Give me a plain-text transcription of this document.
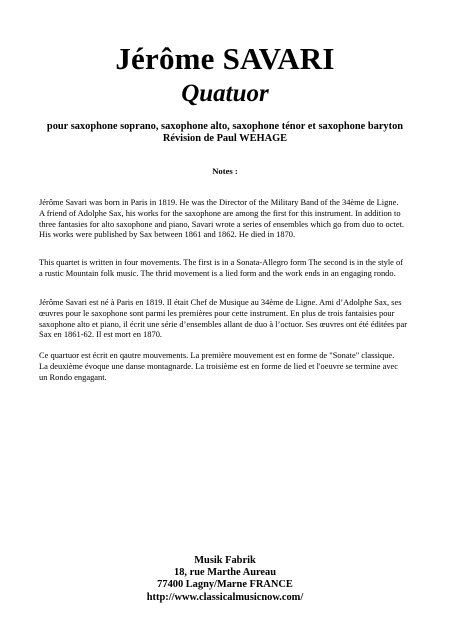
Jérôme SAVARI
Quatuor
pour saxophone soprano, saxophone alto, saxophone ténor et saxophone baryton
Révision de Paul WEHAGE
Notes :
Jérôme Savari was born in Paris in 1819. He was the Director of the Military Band of the 34ème de Ligne.
A friend of Adolphe Sax, his works for the saxophone are among the first for this instrument. In addition to
three fantasies for alto saxophone and piano, Savari wrote a series of ensembles which go from duo to octet.
His works were published by Sax between 1861 and 1862. He died in 1870.
This quartet is written in four movements. The first is in a Sonata-Allegro form The second is in the style of
a rustic Mountain folk music. The thrid movement is a lied form and the work ends in an engaging rondo.
Jérôme Savari est né à Paris en 1819. Il était Chef de Musique au 34ème de Ligne. Ami d’Adolphe Sax, ses
œuvres pour le saxophone sont parmi les premières pour cette instrument. En plus de trois fantaisies pour
saxophone alto et piano, il écrit une série d’ensembles allant de duo à l’octuor. Ses œuvres ont été éditées par
Sax en 1861-62. Il est mort en 1870.
Ce quartuor est écrit en qautre mouvements. La première mouvement est en forme de "Sonate" classique.
La deuxième évoque une danse montagnarde. La troisième est en forme de lied et l'oeuvre se termine avec
un Rondo engagant.
Musik Fabrik
18, rue Marthe Aureau
77400 Lagny/Marne FRANCE
http://www.classicalmusicnow.com/
